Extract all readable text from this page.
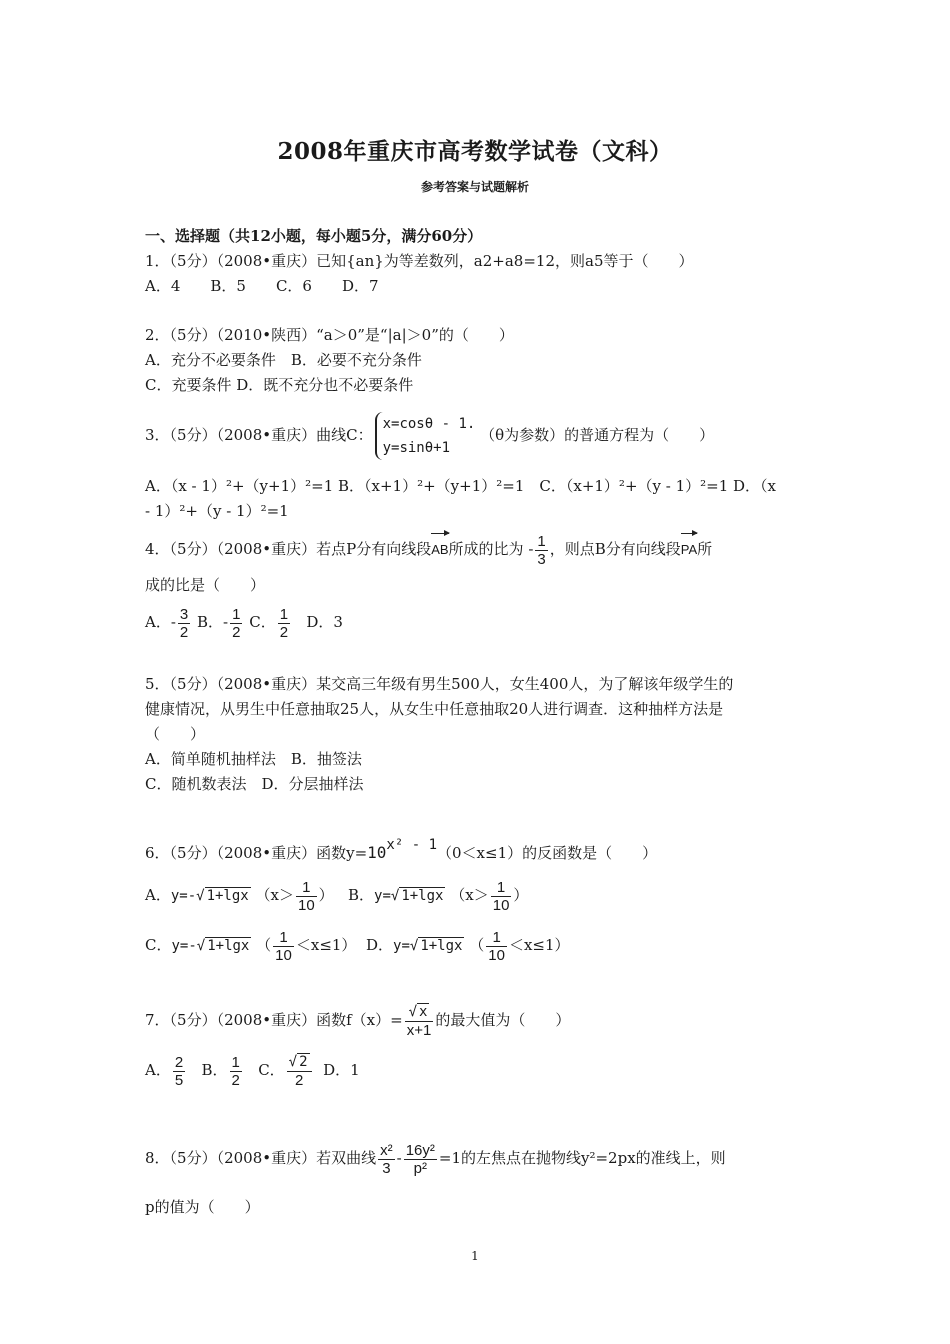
2008年重庆市高考数学试卷（文科）
参考答案与试题解析
一、选择题（共12小题，每小题5分，满分60分）
1．（5分）（2008•重庆）已知{an}为等差数列，a2+a8=12，则a5等于（　　）
A．4　　B．5　　C．6　　D．7
2．（5分）（2010•陕西）“a＞0”是“|a|＞0”的（　　）
A．充分不必要条件　B．必要不充分条件
C．充要条件 D．既不充分也不必要条件
3．（5分）（2008•重庆）曲线C：
x=cosθ - 1.
y=sinθ+1
（θ为参数）的普通方程为（　　）
A．（x - 1）²+（y+1）²=1 B．（x+1）²+（y+1）²=1　C．（x+1）²+（y - 1）²=1 D．（x
- 1）²+（y - 1）²=1
4．（5分）（2008•重庆）若点P分有向线段AB所成的比为 - $\frac{1}{3}$ ，则点B分有向线段PA所
成的比是（　　）
A．- $\frac{3}{2}$ B．- $\frac{1}{2}$ C． $\frac{1}{2}$ D．3
5．（5分）（2008•重庆）某交高三年级有男生500人，女生400人，为了解该年级学生的
健康情况，从男生中任意抽取25人，从女生中任意抽取20人进行调查．这种抽样方法是
（　　）
A．简单随机抽样法　B．抽签法
C．随机数表法　D．分层抽样法
6．（5分）（2008•重庆）函数$y=10^{x^2 - 1}(0<x\le 1)$的反函数是（　　）
A．y=-√ 1+lgx （$x> \frac{1}{10}$ ） B．y=√ 1+lgx （$x> \frac{1}{10}$ ）
C．y=-√ 1+lgx （ $\frac{1}{10} <x\le 1$） D．y=√ 1+lgx （ $\frac{1}{10} <x\le 1$）
7．（5分）（2008•重庆）函数$f(x)= \frac{√ x}{x+1}$ 的最大值为（　　）
A． $\frac{2}{5}$ B． $\frac{1}{2}$ C． $\frac{√ 2}{2}$ D．1
8．（5分）（2008•重庆）若双曲线 $\frac{\text{x²}}{3} - \frac{\text{16y²}}{\text{p²}} =1$的左焦点在抛物线y²=2px的准线上，则
p的值为（　　）
1
